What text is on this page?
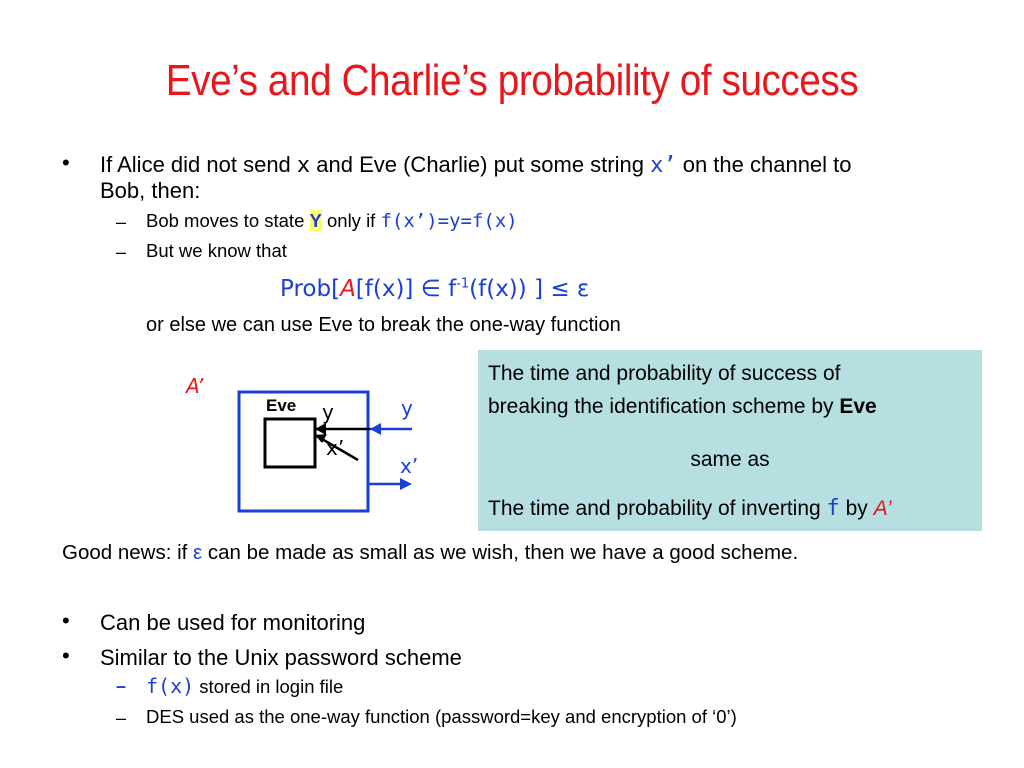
Eve’s and Charlie’s probability of success
• If Alice did not send x and Eve (Charlie) put some string x’ on the channel to
Bob, then:
– Bob moves to state Y only if f(x’)=y=f(x)
– But we know that
Prob[A[f(x)] ∈ $f^{-1}(f(x))$ ] ≤ ε
or else we can use Eve to break the one-way function
A’
Eve y
x’
y
x’
The time and probability of success of
breaking the identification scheme by Eve
same as
The time and probability of inverting f by A’
Good news: if ε can be made as small as we wish, then we have a good scheme.
• Can be used for monitoring
• Similar to the Unix password scheme
– f(x) stored in login file
– DES used as the one-way function (password=key and encryption of ‘0’)
